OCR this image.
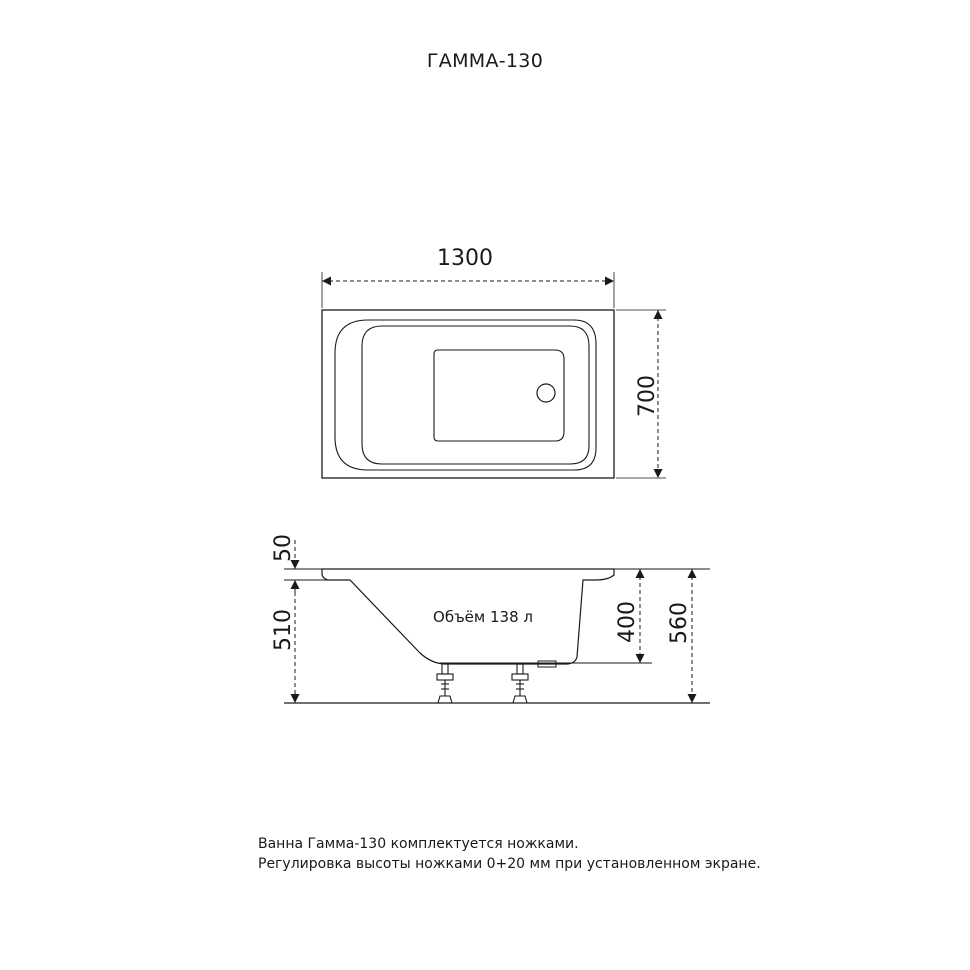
ГАММА-130
1300
700
50
510	400 560
Объём 138 л
Ванна Гамма-130 комплектуется ножками.
Регулировка высоты ножками 0+20 мм при установленном экране.
